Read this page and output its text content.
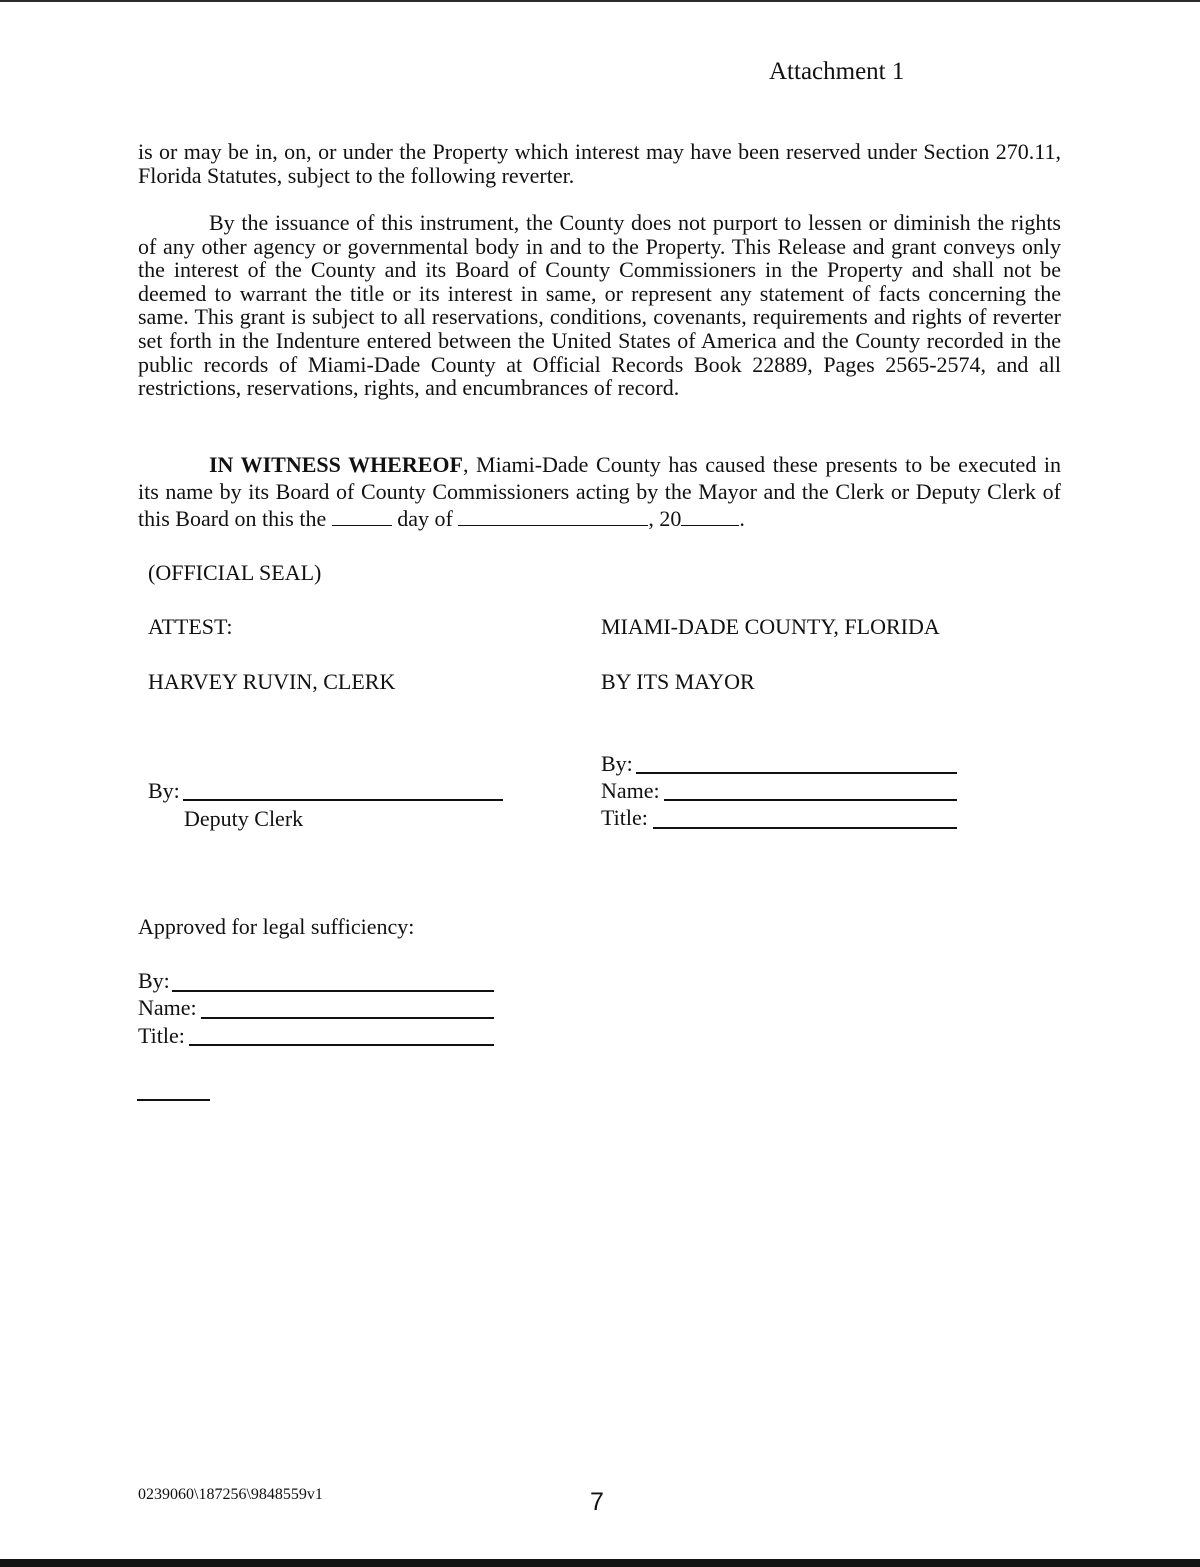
Attachment 1

is or may be in, on, or under the Property which interest may have been reserved under Section 270.11, Florida Statutes, subject to the following reverter.

By the issuance of this instrument, the County does not purport to lessen or diminish the rights of any other agency or governmental body in and to the Property. This Release and grant conveys only the interest of the County and its Board of County Commissioners in the Property and shall not be deemed to warrant the title or its interest in same, or represent any statement of facts concerning the same. This grant is subject to all reservations, conditions, covenants, requirements and rights of reverter set forth in the Indenture entered between the United States of America and the County recorded in the public records of Miami-Dade County at Official Records Book 22889, Pages 2565-2574, and all restrictions, reservations, rights, and encumbrances of record.

IN WITNESS WHEREOF, Miami-Dade County has caused these presents to be executed in its name by its Board of County Commissioners acting by the Mayor and the Clerk or Deputy Clerk of this Board on this the	day of	, 20	.

(OFFICIAL SEAL)
ATTEST:	MIAMI-DADE COUNTY, FLORIDA
HARVEY RUVIN, CLERK	BY ITS MAYOR
By:
Deputy Clerk
By:
Name:
Title:
Approved for legal sufficiency:
By:
Name:
Title:
0239060\187256\9848559v1	7
